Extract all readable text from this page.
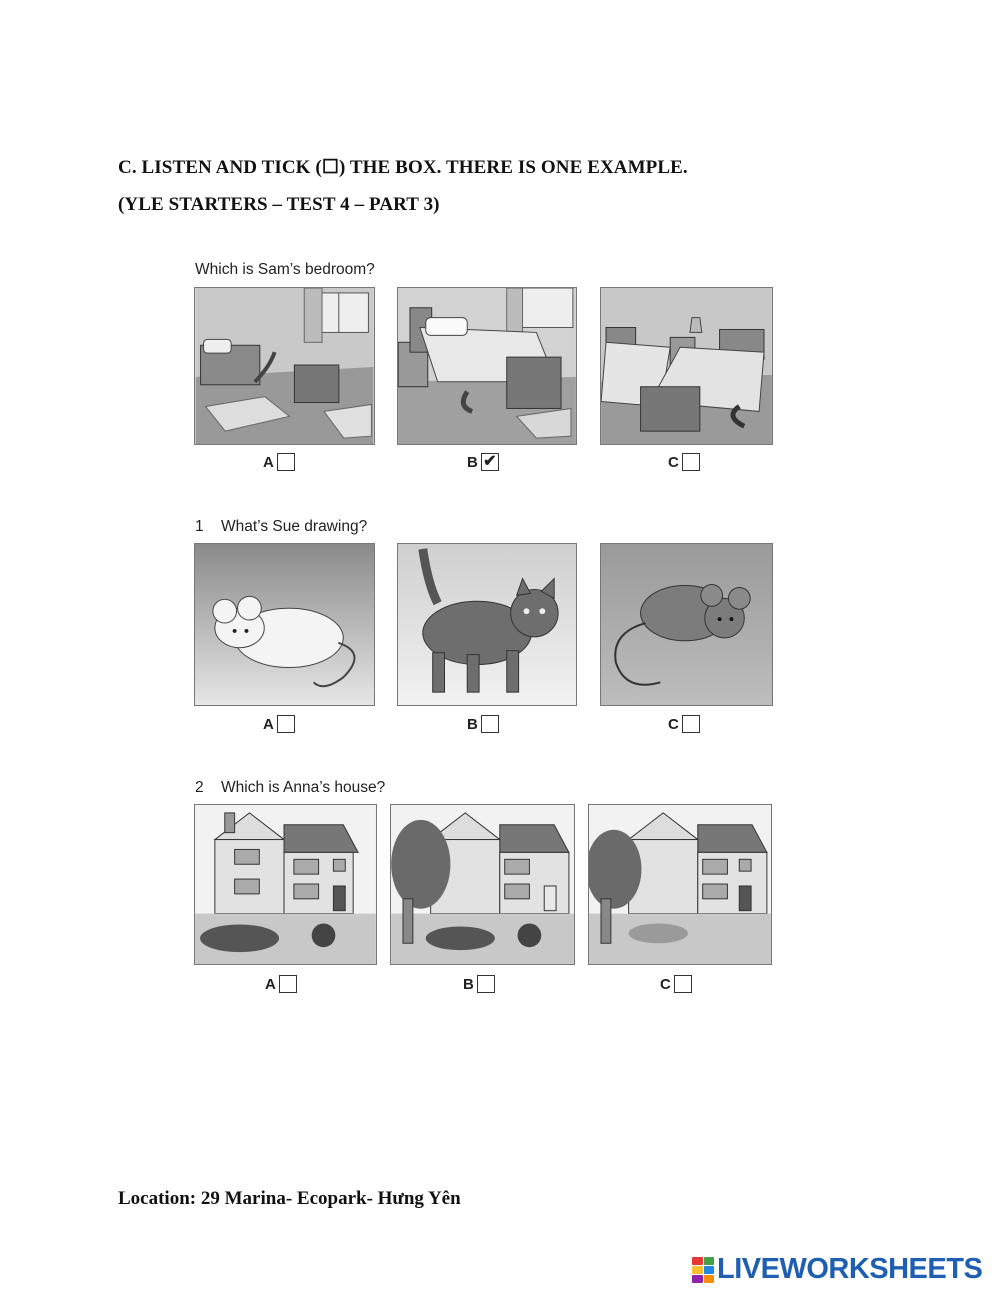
C. LISTEN AND TICK (☐) THE BOX. THERE IS ONE EXAMPLE.
(YLE STARTERS – TEST 4 – PART 3)
Which is Sam’s bedroom?
A	B ✔	C
1 What’s Sue drawing?
A	B	C
2 Which is Anna’s house?
A	B	C
Location: 29 Marina- Ecopark- Hưng Yên
LIVEWORKSHEETS
